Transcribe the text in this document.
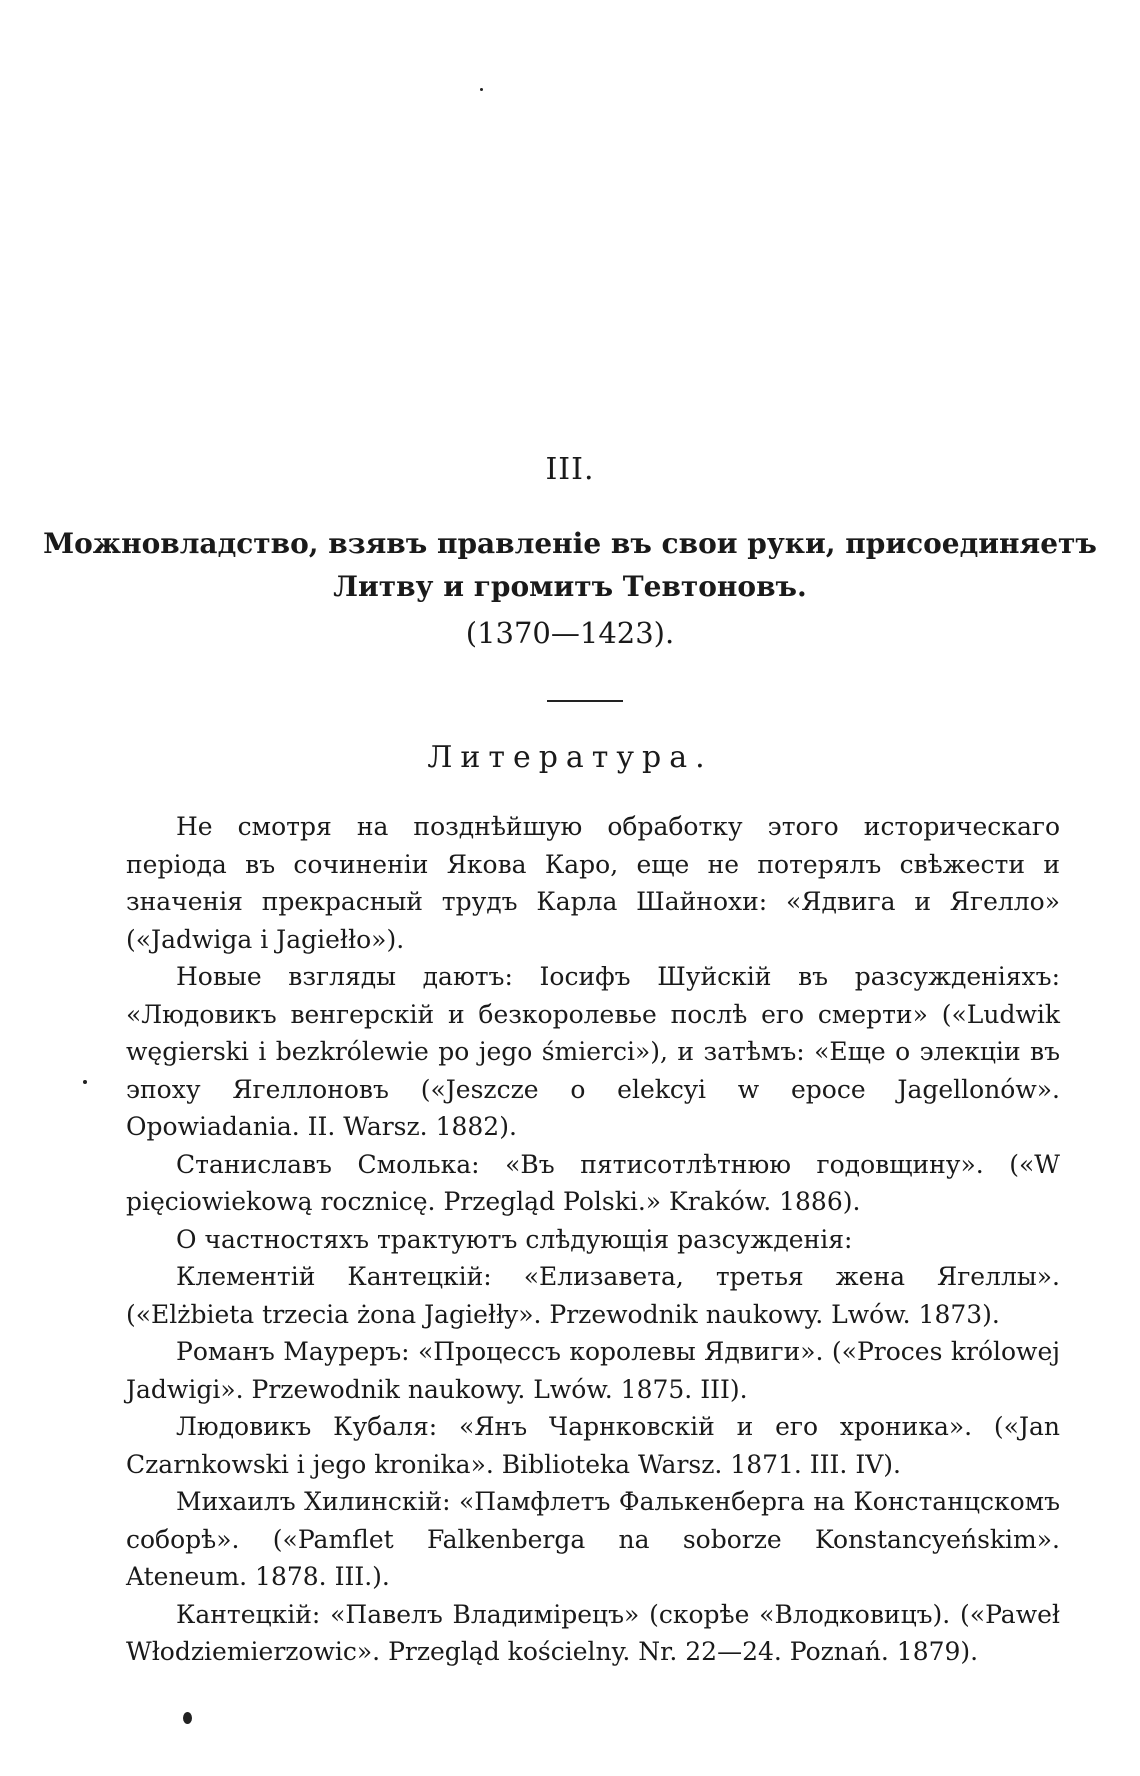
III.
Можновладство, взявъ правленіе въ свои руки, присоединяетъ Литву и громитъ Тевтоновъ.
(1370—1423).
Литература.

Не смотря на позднѣйшую обработку этого историческаго періода въ сочиненіи Якова Каро, еще не потерялъ свѣжести и значенія прекрасный трудъ Карла Шайнохи: «Ядвига и Ягелло» («Jadwiga i Jagiełło»).

Новые взгляды даютъ: Іосифъ Шуйскій въ разсужденіяхъ: «Людовикъ венгерскій и безкоролевье послѣ его смерти» («Ludwik węgierski i bezkrólewie po jego śmierci»), и затѣмъ: «Еще о элекціи въ эпоху Ягеллоновъ («Jeszcze o elekcyi w epoce Jagellonów». Opowiadania. II. Warsz. 1882).

Станиславъ Смолька: «Въ пятисотлѣтнюю годовщину». («W pięciowiekową rocznicę. Przegląd Polski.» Kraków. 1886).

О частностяхъ трактуютъ слѣдующія разсужденія:

Клементій Кантецкій: «Елизавета, третья жена Ягеллы». («Elżbieta trzecia żona Jagiełły». Przewodnik naukowy. Lwów. 1873).

Романъ Мауреръ: «Процессъ королевы Ядвиги». («Proces królowej Jadwigi». Przewodnik naukowy. Lwów. 1875. III).

Людовикъ Кубаля: «Янъ Чарнковскій и его хроника». («Jan Czarnkowski i jego kronika». Biblioteka Warsz. 1871. III. IV).

Михаилъ Хилинскій: «Памфлетъ Фалькенберга на Констанцскомъ соборѣ». («Pamflet Falkenberga na soborze Konstancyeńskim». Ateneum. 1878. III.).

Кантецкій: «Павелъ Владимірецъ» (скорѣе «Влодковицъ). («Paweł Włodziemierzowic». Przegląd kościelny. Nr. 22—24. Poznań. 1879).
